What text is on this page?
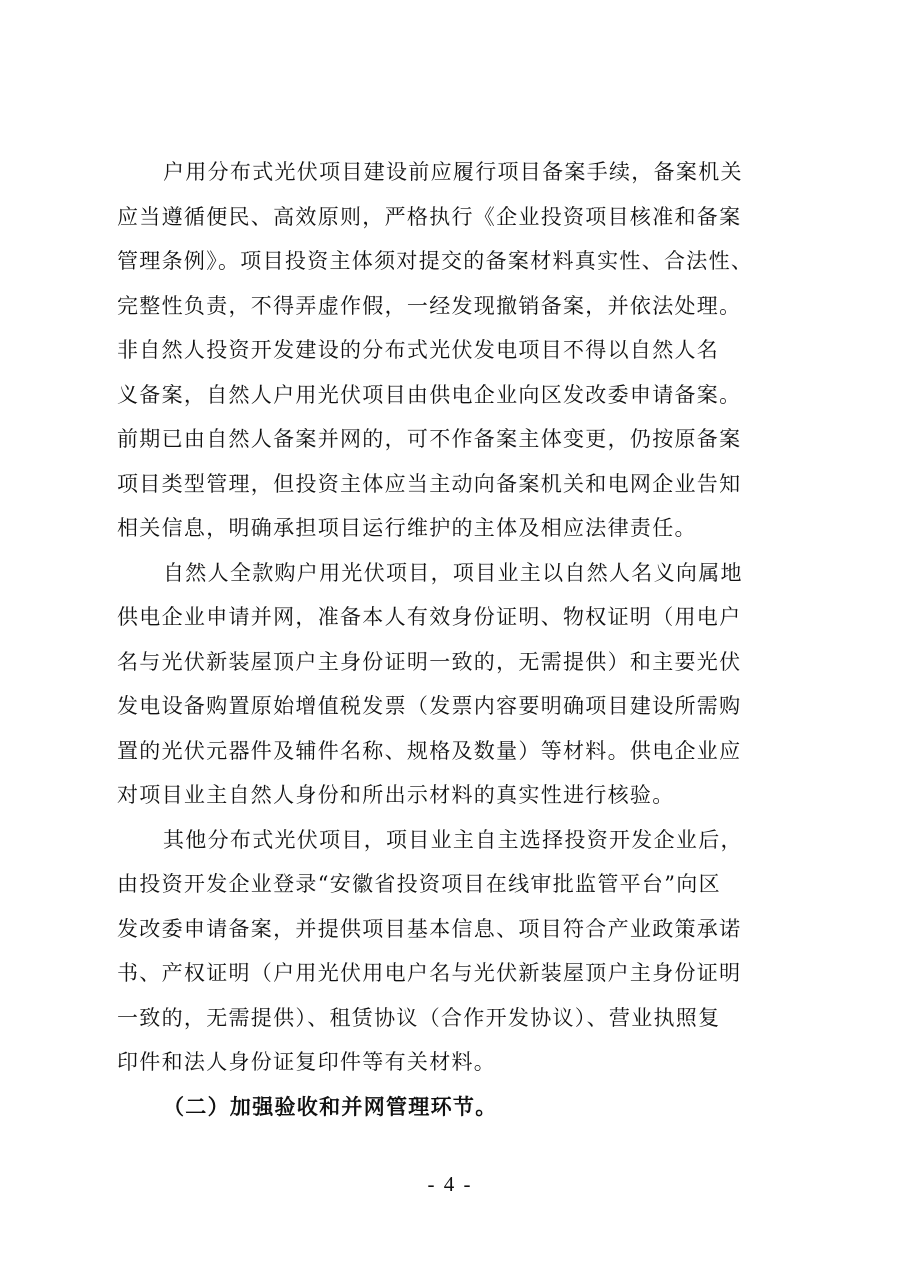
户用分布式光伏项目建设前应履行项目备案手续，备案机关
应当遵循便民、高效原则，严格执行《企业投资项目核准和备案
管理条例》。项目投资主体须对提交的备案材料真实性、合法性、
完整性负责，不得弄虚作假，一经发现撤销备案，并依法处理。
非自然人投资开发建设的分布式光伏发电项目不得以自然人名
义备案，自然人户用光伏项目由供电企业向区发改委申请备案。
前期已由自然人备案并网的，可不作备案主体变更，仍按原备案
项目类型管理，但投资主体应当主动向备案机关和电网企业告知
相关信息，明确承担项目运行维护的主体及相应法律责任。
自然人全款购户用光伏项目，项目业主以自然人名义向属地
供电企业申请并网，准备本人有效身份证明、物权证明（用电户
名与光伏新装屋顶户主身份证明一致的，无需提供）和主要光伏
发电设备购置原始增值税发票（发票内容要明确项目建设所需购
置的光伏元器件及辅件名称、规格及数量）等材料。供电企业应
对项目业主自然人身份和所出示材料的真实性进行核验。
其他分布式光伏项目，项目业主自主选择投资开发企业后，
由投资开发企业登录“安徽省投资项目在线审批监管平台”向区
发改委申请备案，并提供项目基本信息、项目符合产业政策承诺
书、产权证明（户用光伏用电户名与光伏新装屋顶户主身份证明
一致的，无需提供）、租赁协议（合作开发协议）、营业执照复
印件和法人身份证复印件等有关材料。
（二）加强验收和并网管理环节。
- 4 -
